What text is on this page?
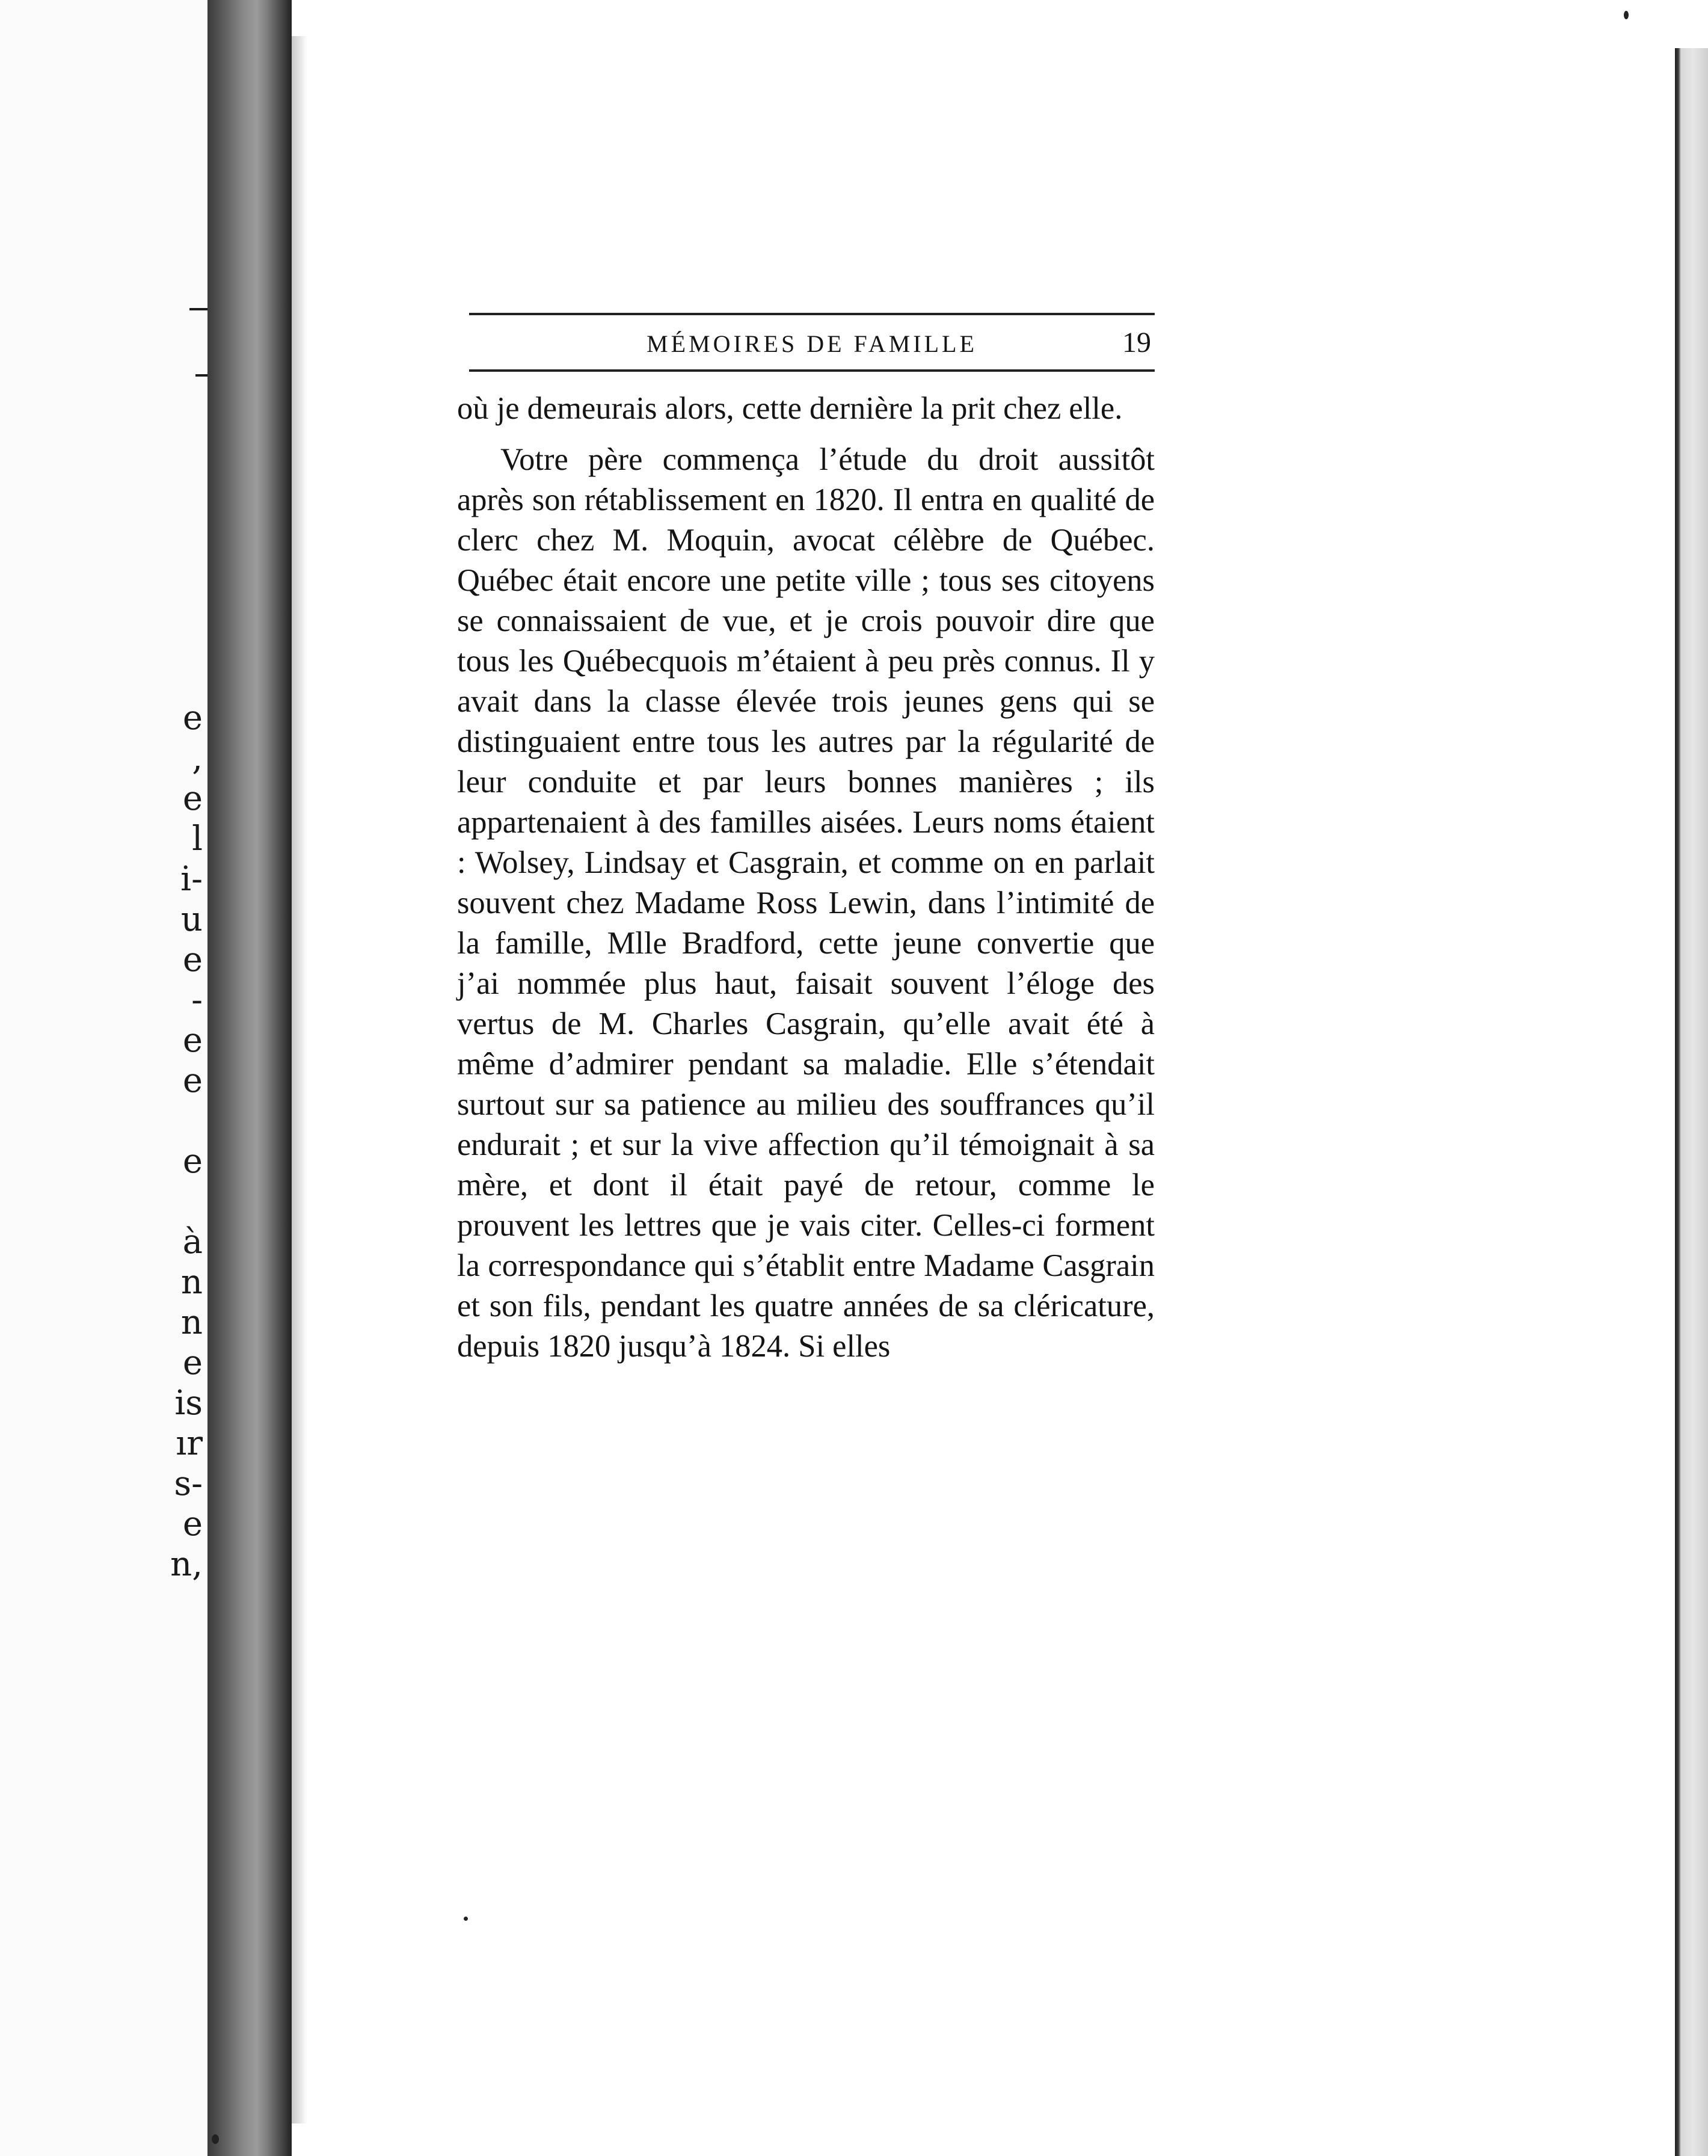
e
,
e
l
i-
u
e
-
e
e
e
à
n
n
e
is
ır
s-
e
n,
MÉMOIRES DE FAMILLE	19

où je demeurais alors, cette dernière la prit chez elle.

Votre père commença l’étude du droit aussitôt après son rétablissement en 1820. Il entra en qualité de clerc chez M. Moquin, avocat célèbre de Québec. Québec était encore une petite ville ; tous ses citoyens se connaissaient de vue, et je crois pouvoir dire que tous les Québecquois m’étaient à peu près connus. Il y avait dans la classe élevée trois jeunes gens qui se distinguaient entre tous les autres par la régularité de leur conduite et par leurs bonnes manières ; ils appartenaient à des familles aisées. Leurs noms étaient : Wolsey, Lindsay et Casgrain, et comme on en parlait souvent chez Madame Ross Lewin, dans l’intimité de la famille, Mlle Bradford, cette jeune convertie que j’ai nommée plus haut, faisait souvent l’éloge des vertus de M. Charles Casgrain, qu’elle avait été à même d’admirer pendant sa maladie. Elle s’étendait surtout sur sa patience au milieu des souffrances qu’il endurait ; et sur la vive affection qu’il témoignait à sa mère, et dont il était payé de retour, comme le prouvent les lettres que je vais citer. Celles-ci forment la correspondance qui s’établit entre Madame Casgrain et son fils, pendant les quatre années de sa cléricature, depuis 1820 jusqu’à 1824. Si elles
